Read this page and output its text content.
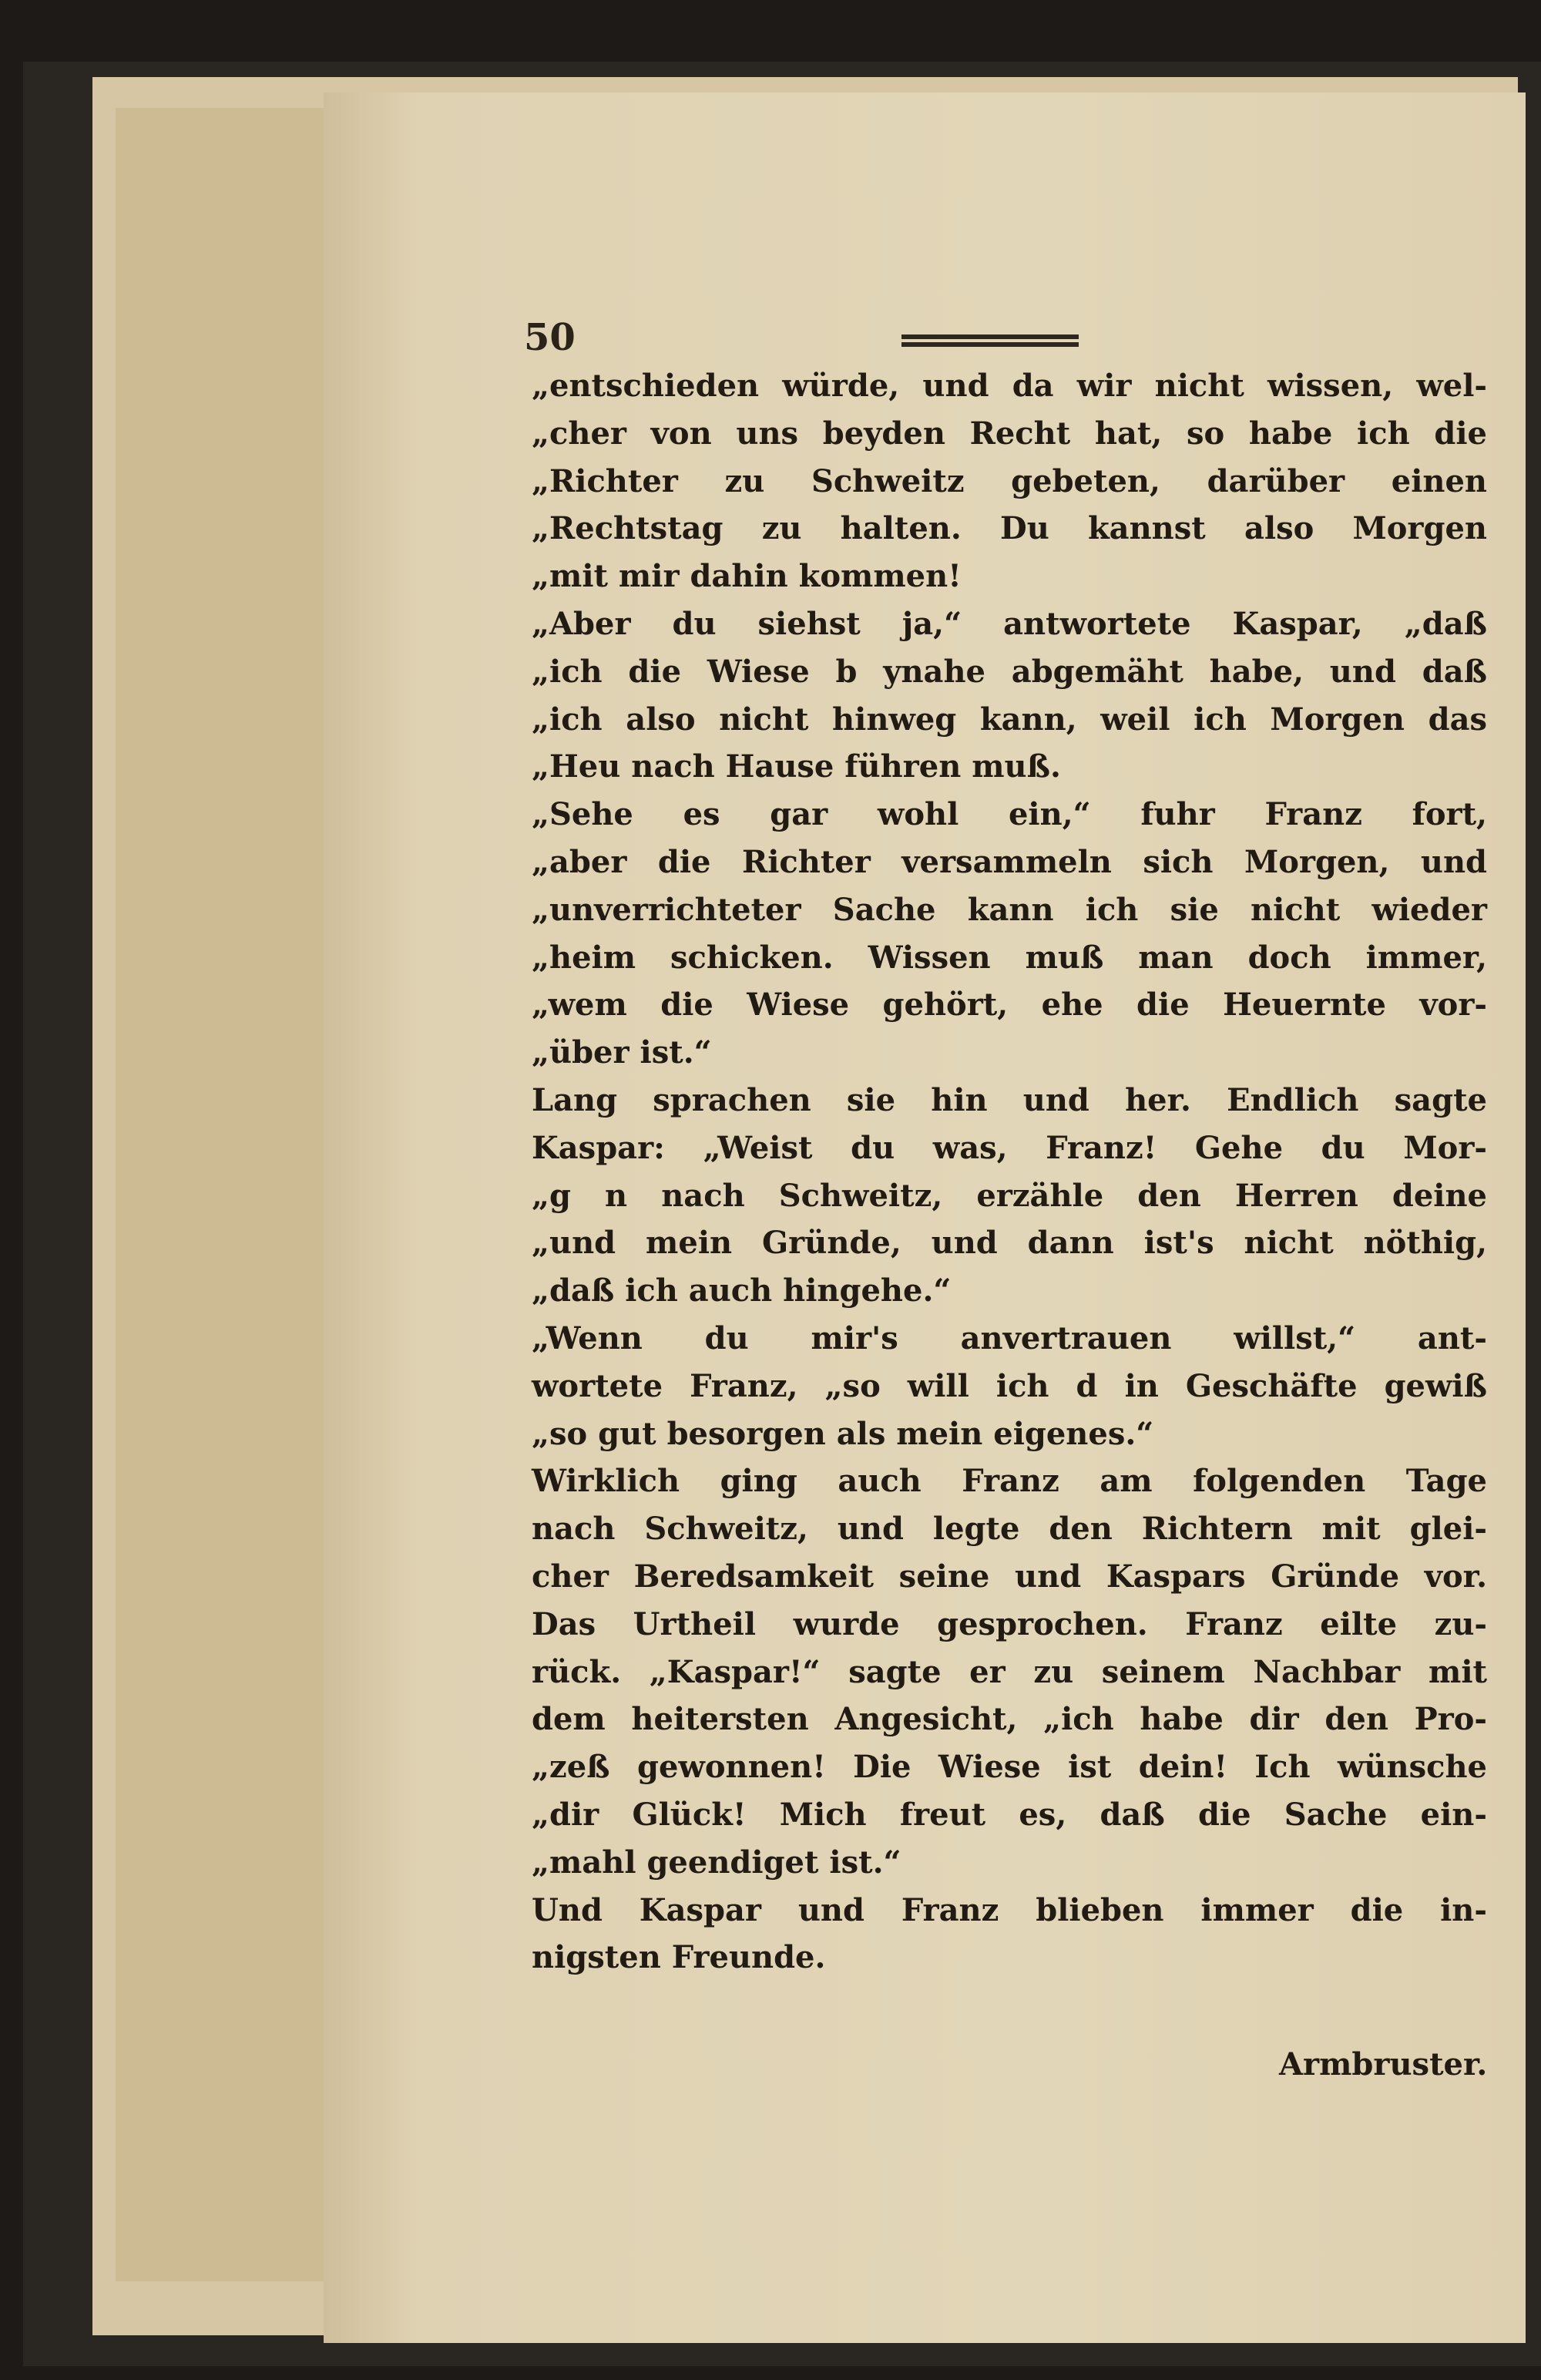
50
„entschieden würde, und da wir nicht wissen, wel-
„cher von uns beyden Recht hat, so habe ich die
„Richter zu Schweitz gebeten, darüber einen
„Rechtstag zu halten. Du kannst also Morgen
„mit mir dahin kommen!
„Aber du siehst ja,“ antwortete Kaspar, „daß
„ich die Wiese b ynahe abgemäht habe, und daß
„ich also nicht hinweg kann, weil ich Morgen das
„Heu nach Hause führen muß.
„Sehe es gar wohl ein,“ fuhr Franz fort,
„aber die Richter versammeln sich Morgen, und
„unverrichteter Sache kann ich sie nicht wieder
„heim schicken. Wissen muß man doch immer,
„wem die Wiese gehört, ehe die Heuernte vor-
„über ist.“
Lang sprachen sie hin und her. Endlich sagte
Kaspar: „Weist du was, Franz! Gehe du Mor-
„g n nach Schweitz, erzähle den Herren deine
„und mein Gründe, und dann ist's nicht nöthig,
„daß ich auch hingehe.“
„Wenn du mir's anvertrauen willst,“ ant-
wortete Franz, „so will ich d in Geschäfte gewiß
„so gut besorgen als mein eigenes.“
Wirklich ging auch Franz am folgenden Tage
nach Schweitz, und legte den Richtern mit glei-
cher Beredsamkeit seine und Kaspars Gründe vor.
Das Urtheil wurde gesprochen. Franz eilte zu-
rück. „Kaspar!“ sagte er zu seinem Nachbar mit
dem heitersten Angesicht, „ich habe dir den Pro-
„zeß gewonnen! Die Wiese ist dein! Ich wünsche
„dir Glück! Mich freut es, daß die Sache ein-
„mahl geendiget ist.“
Und Kaspar und Franz blieben immer die in-
nigsten Freunde.
Armbruster.
